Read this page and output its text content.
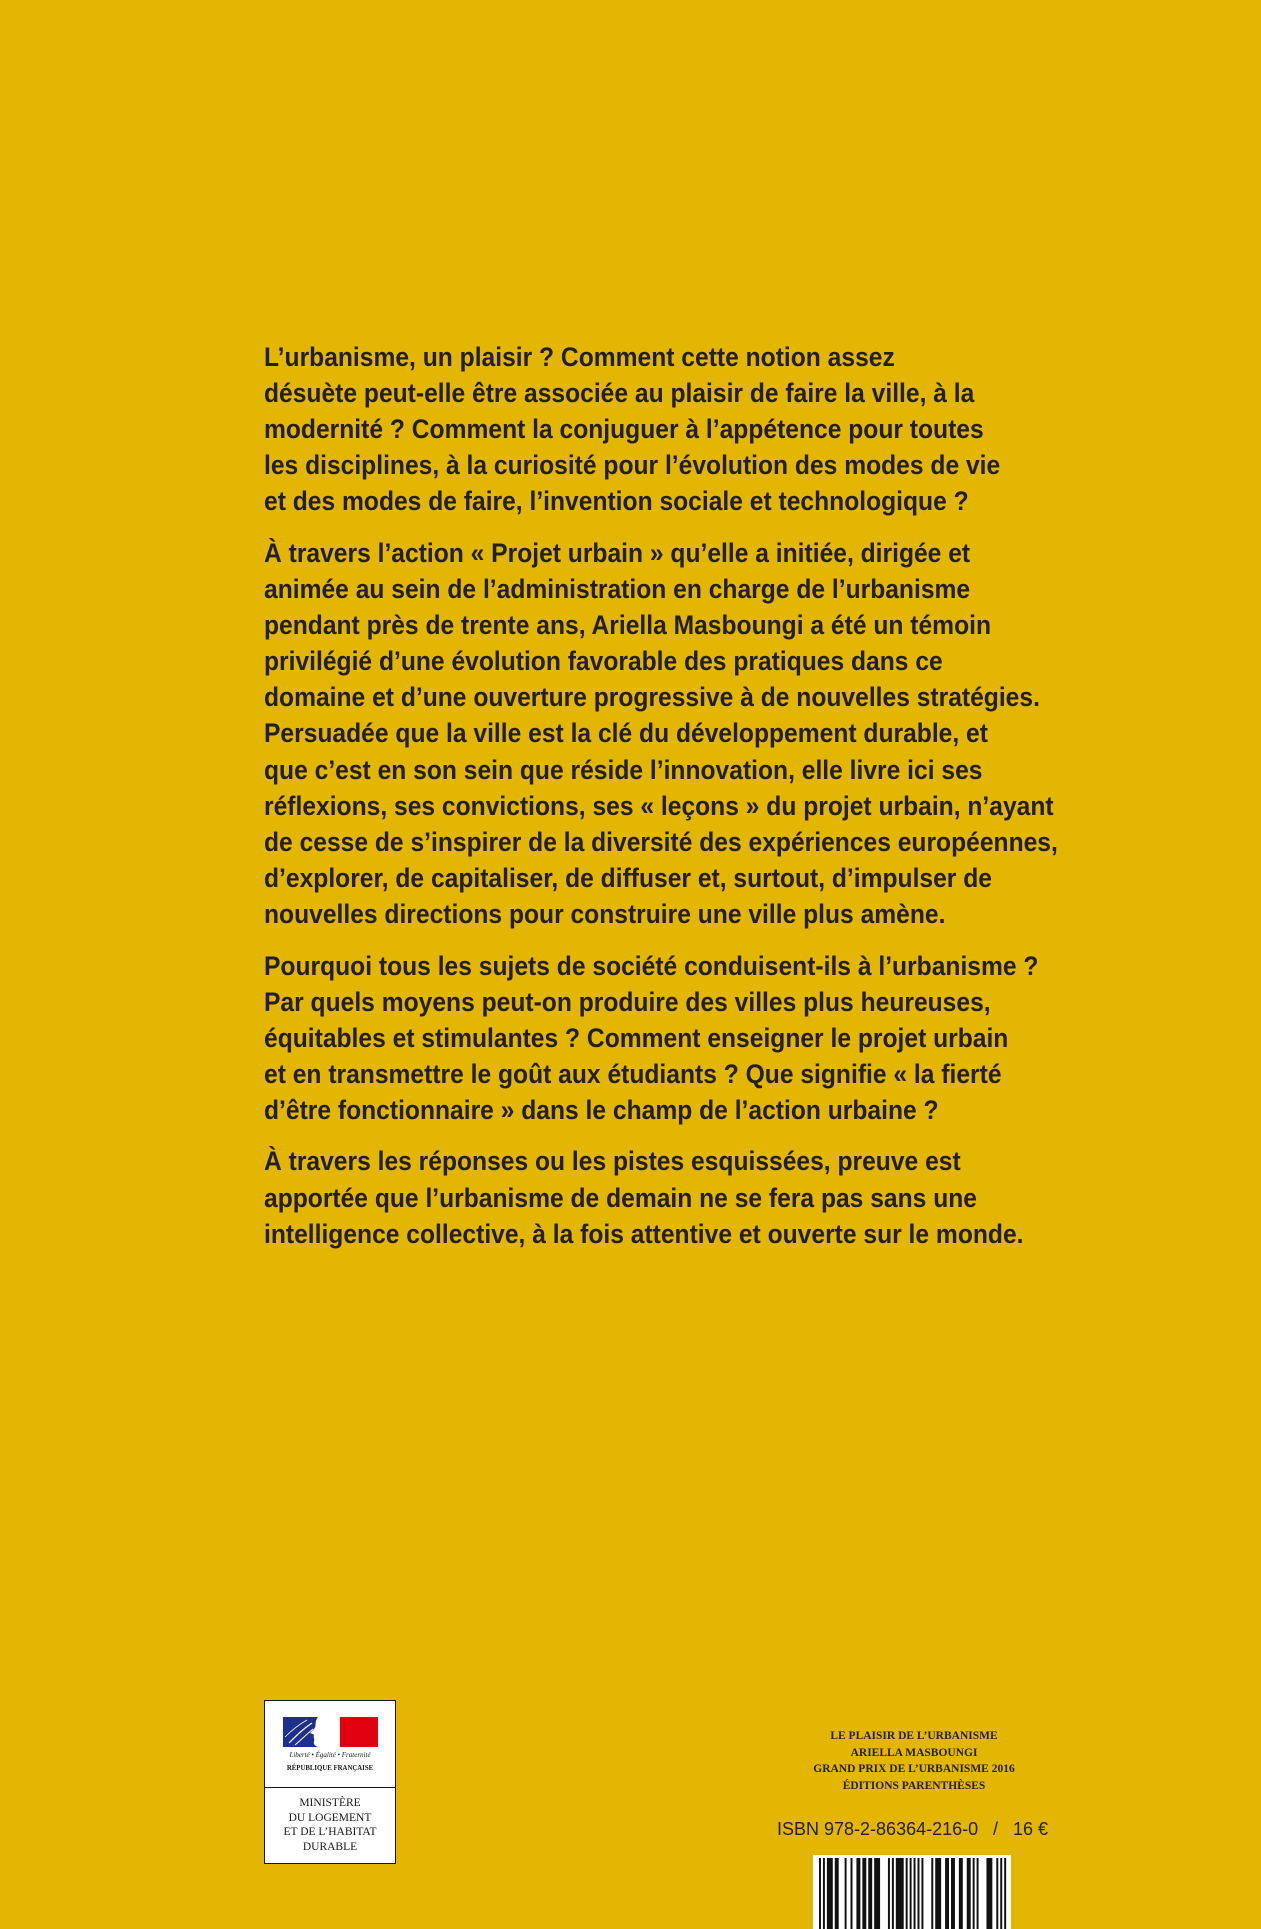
L’urbanisme, un plaisir ? Comment cette notion assez
désuète peut-elle être associée au plaisir de faire la ville, à la
modernité ? Comment la conjuguer à l’appétence pour toutes
les disciplines, à la curiosité pour l’évolution des modes de vie
et des modes de faire, l’invention sociale et technologique ?
À travers l’action « Projet urbain » qu’elle a initiée, dirigée et
animée au sein de l’administration en charge de l’urbanisme
pendant près de trente ans, Ariella Masboungi a été un témoin
privilégié d’une évolution favorable des pratiques dans ce
domaine et d’une ouverture progressive à de nouvelles stratégies.
Persuadée que la ville est la clé du développement durable, et
que c’est en son sein que réside l’innovation, elle livre ici ses
réflexions, ses convictions, ses « leçons » du projet urbain, n’ayant
de cesse de s’inspirer de la diversité des expériences européennes,
d’explorer, de capitaliser, de diffuser et, surtout, d’impulser de
nouvelles directions pour construire une ville plus amène.
Pourquoi tous les sujets de société conduisent-ils à l’urbanisme ?
Par quels moyens peut-on produire des villes plus heureuses,
équitables et stimulantes ? Comment enseigner le projet urbain
et en transmettre le goût aux étudiants ? Que signifie « la fierté
d’être fonctionnaire » dans le champ de l’action urbaine ?
À travers les réponses ou les pistes esquissées, preuve est
apportée que l’urbanisme de demain ne se fera pas sans une
intelligence collective, à la fois attentive et ouverte sur le monde.
Liberté • Égalité • Fraternité
RÉPUBLIQUE FRANÇAISE
MINISTÈRE
DU LOGEMENT
ET DE L’HABITAT
DURABLE
LE PLAISIR DE L’URBANISME
ARIELLA MASBOUNGI
GRAND PRIX DE L’URBANISME 2016
ÉDITIONS PARENTHÈSES
ISBN 978-2-86364-216-0 / 16 €
